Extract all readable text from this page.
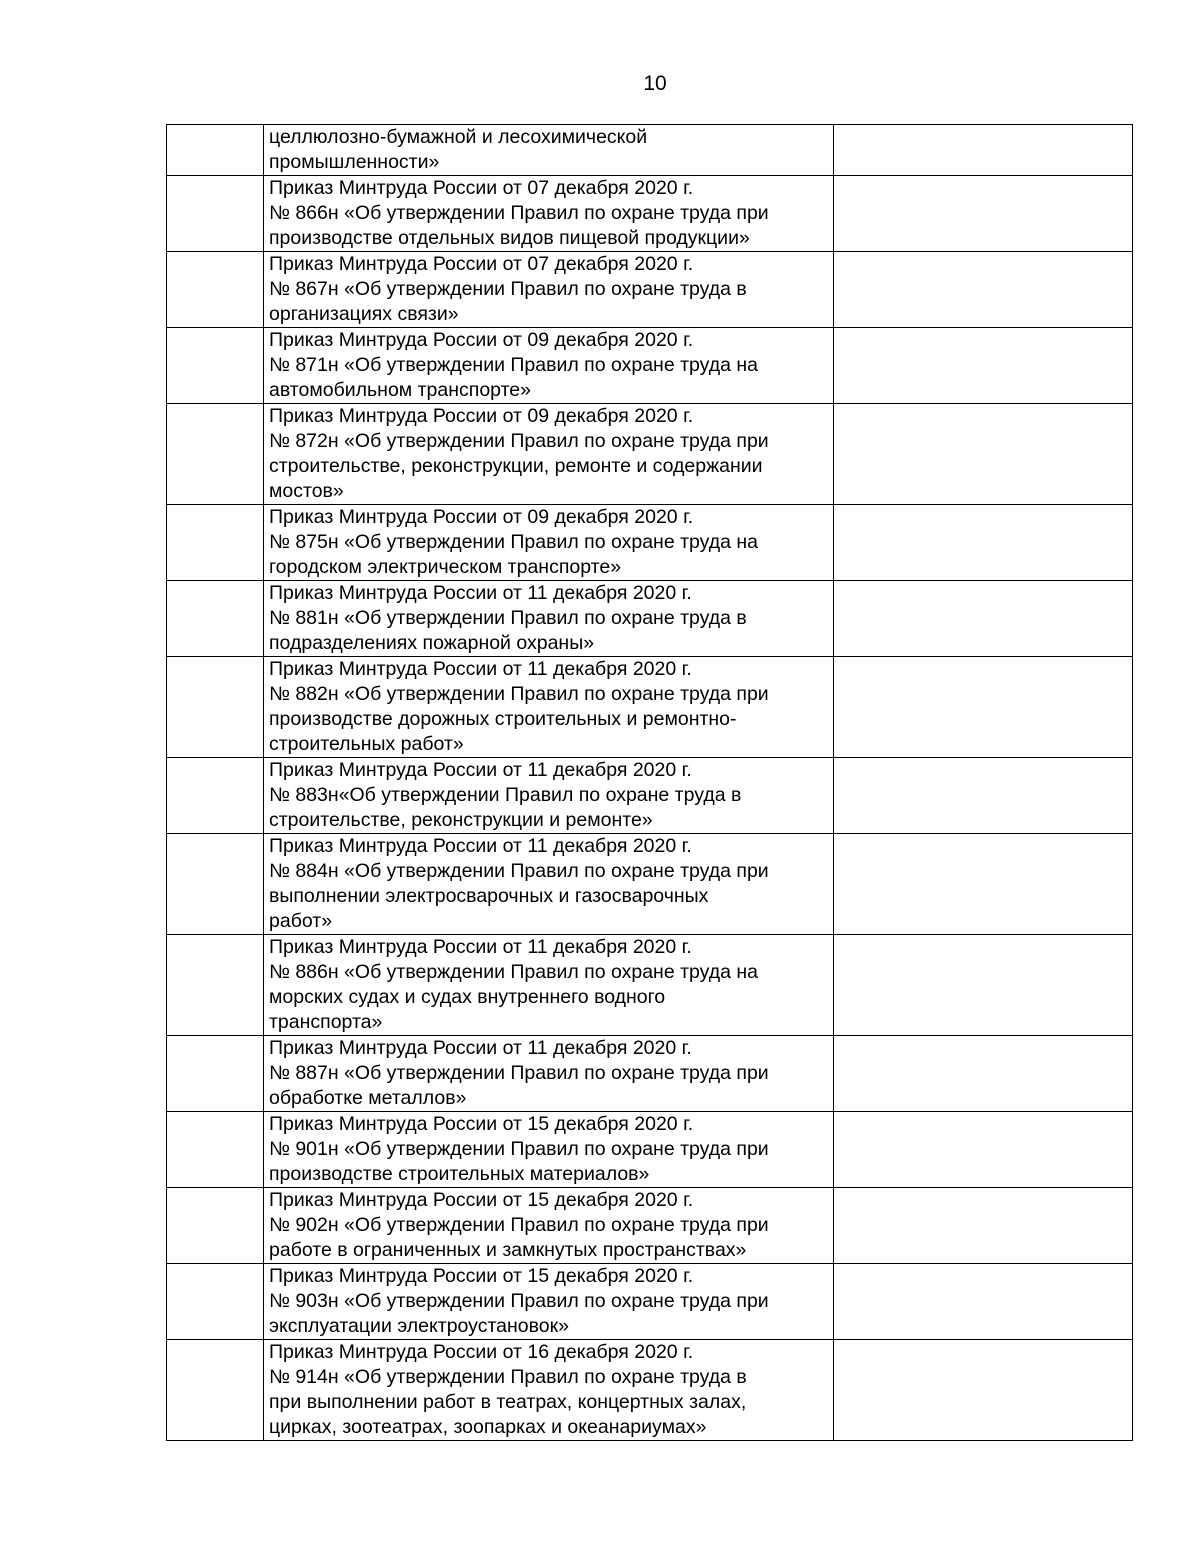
10

	целлюлозно-бумажной и лесохимической
промышленности»	

	Приказ Минтруда России от 07 декабря 2020 г.
№ 866н «Об утверждении Правил по охране труда при
производстве отдельных видов пищевой продукции»	

	Приказ Минтруда России от 07 декабря 2020 г.
№ 867н «Об утверждении Правил по охране труда в
организациях связи»	

	Приказ Минтруда России от 09 декабря 2020 г.
№ 871н «Об утверждении Правил по охране труда на
автомобильном транспорте»	

	Приказ Минтруда России от 09 декабря 2020 г.
№ 872н «Об утверждении Правил по охране труда при
строительстве, реконструкции, ремонте и содержании
мостов»	

	Приказ Минтруда России от 09 декабря 2020 г.
№ 875н «Об утверждении Правил по охране труда на
городском электрическом транспорте»	

	Приказ Минтруда России от 11 декабря 2020 г.
№ 881н «Об утверждении Правил по охране труда в
подразделениях пожарной охраны»	

	Приказ Минтруда России от 11 декабря 2020 г.
№ 882н «Об утверждении Правил по охране труда при
производстве дорожных строительных и ремонтно-
строительных работ»	

	Приказ Минтруда России от 11 декабря 2020 г.
№ 883н«Об утверждении Правил по охране труда в
строительстве, реконструкции и ремонте»	

	Приказ Минтруда России от 11 декабря 2020 г.
№ 884н «Об утверждении Правил по охране труда при
выполнении электросварочных и газосварочных
работ»	

	Приказ Минтруда России от 11 декабря 2020 г.
№ 886н «Об утверждении Правил по охране труда на
морских судах и судах внутреннего водного
транспорта»	

	Приказ Минтруда России от 11 декабря 2020 г.
№ 887н «Об утверждении Правил по охране труда при
обработке металлов»	

	Приказ Минтруда России от 15 декабря 2020 г.
№ 901н «Об утверждении Правил по охране труда при
производстве строительных материалов»	

	Приказ Минтруда России от 15 декабря 2020 г.
№ 902н «Об утверждении Правил по охране труда при
работе в ограниченных и замкнутых пространствах»	

	Приказ Минтруда России от 15 декабря 2020 г.
№ 903н «Об утверждении Правил по охране труда при
эксплуатации электроустановок»	

	Приказ Минтруда России от 16 декабря 2020 г.
№ 914н «Об утверждении Правил по охране труда в
при выполнении работ в театрах, концертных залах,
цирках, зоотеатрах, зоопарках и океанариумах»	
